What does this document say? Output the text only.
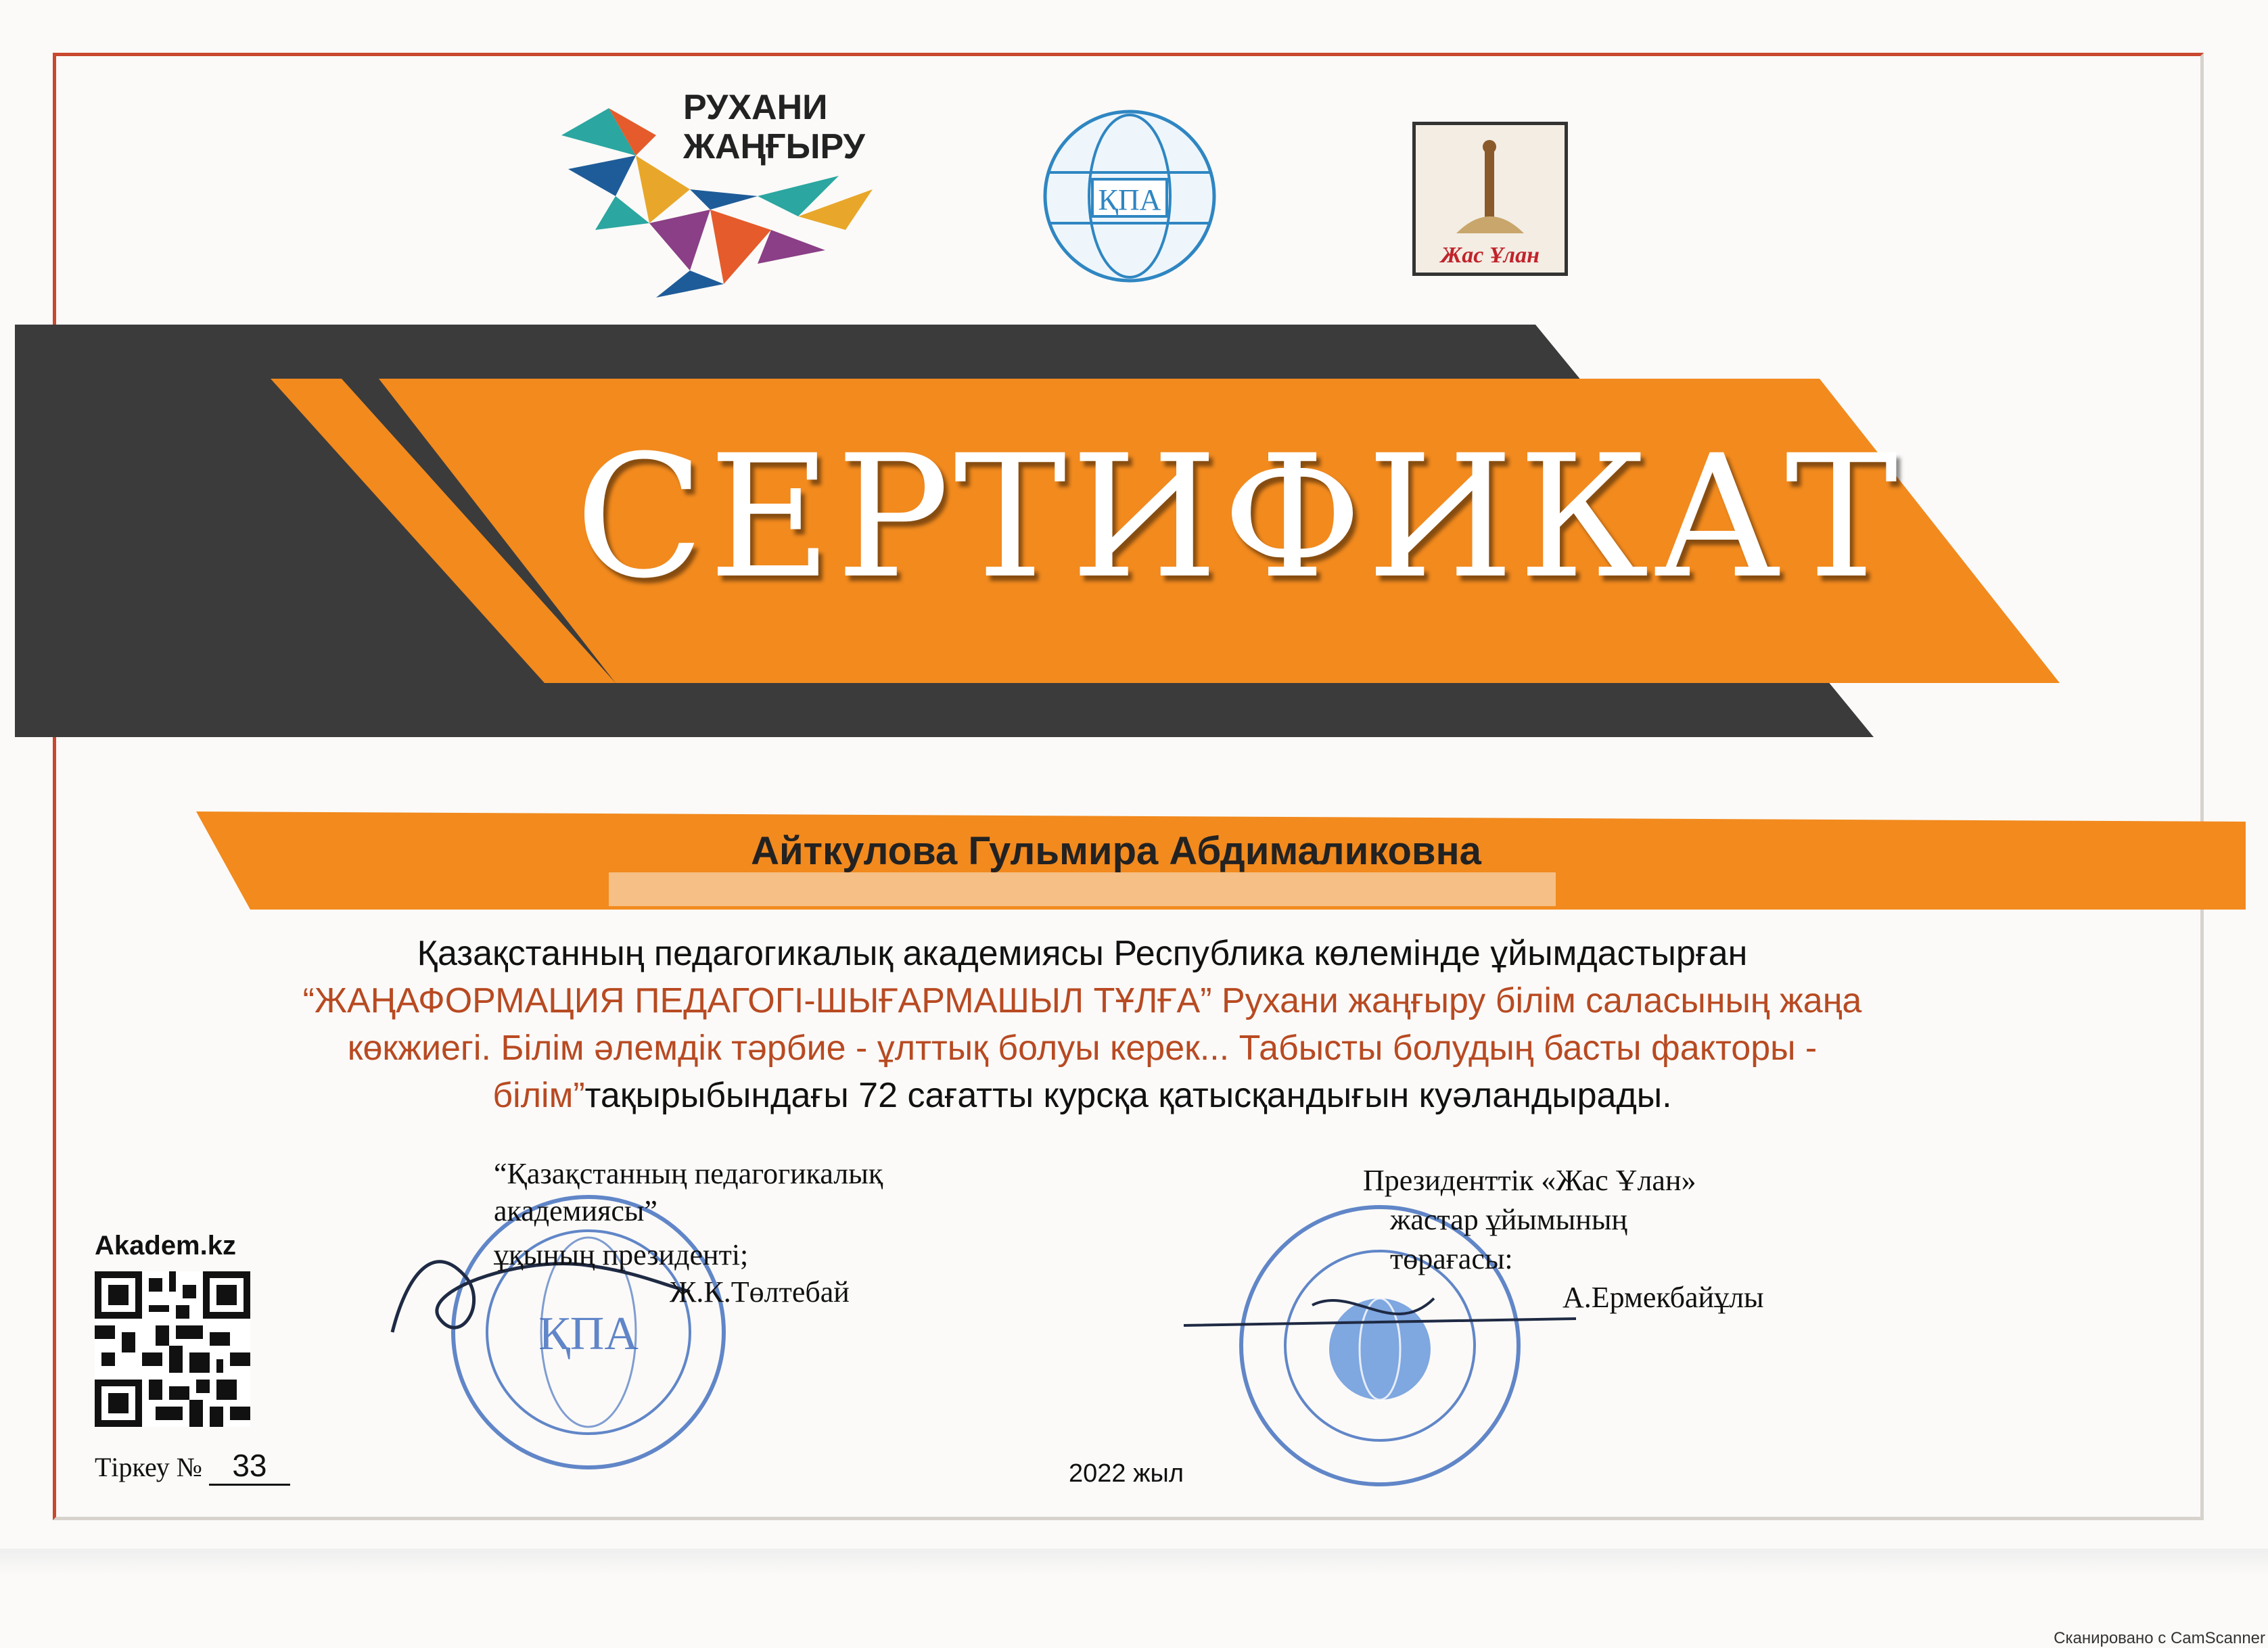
РУХАНИ ЖАҢҒЫРУ
ҚПА
Жас Ұлан
СЕРТИФИКАТ
Айткулова Гульмира Абдималиковна
Қазақстанның педагогикалық академиясы Республика көлемінде ұйымдастырған
“ЖАҢАФОРМАЦИЯ ПЕДАГОГІ-ШЫҒАРМАШЫЛ ТҰЛҒА” Рухани жаңғыру білім саласының жаңа
көкжиегі. Білім әлемдік тәрбие - ұлттық болуы керек... Табысты болудың басты факторы -
білім”тақырыбындағы 72 сағатты курсқа қатысқандығын куәландырады.
ҚПА
“Қазақстанның педагогикалық
академиясы”
ұқының президенті;
Ж.К.Төлтебай
Президенттік «Жас Ұлан»
жастар ұйымының
төрағасы:
А.Ермекбайұлы
Akadem.kz
Тіркеу № 33	2022 жыл
Сканировано с CamScanner
